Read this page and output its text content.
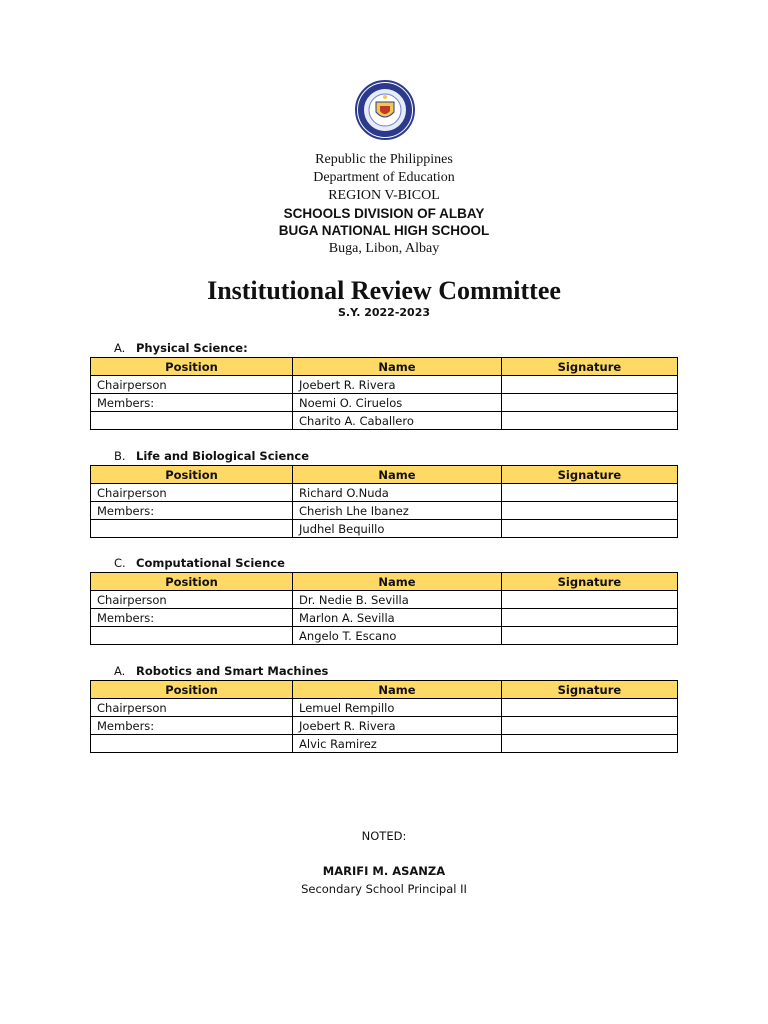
Republic the Philippines
Department of Education
REGION V-BICOL
SCHOOLS DIVISION OF ALBAY
BUGA NATIONAL HIGH SCHOOL
Buga, Libon, Albay
Institutional Review Committee
S.Y. 2022-2023
A. Physical Science:
Position	Name	Signature
Chairperson	Joebert R. Rivera	
Members:	Noemi O. Ciruelos	
	Charito A. Caballero	
B. Life and Biological Science
Position	Name	Signature
Chairperson	Richard O.Nuda	
Members:	Cherish Lhe Ibanez	
	Judhel Bequillo	
C. Computational Science
Position	Name	Signature
Chairperson	Dr. Nedie B. Sevilla	
Members:	Marlon A. Sevilla	
	Angelo T. Escano	
A. Robotics and Smart Machines
Position	Name	Signature
Chairperson	Lemuel Rempillo	
Members:	Joebert R. Rivera	
	Alvic Ramirez	
NOTED:
MARIFI M. ASANZA
Secondary School Principal II
